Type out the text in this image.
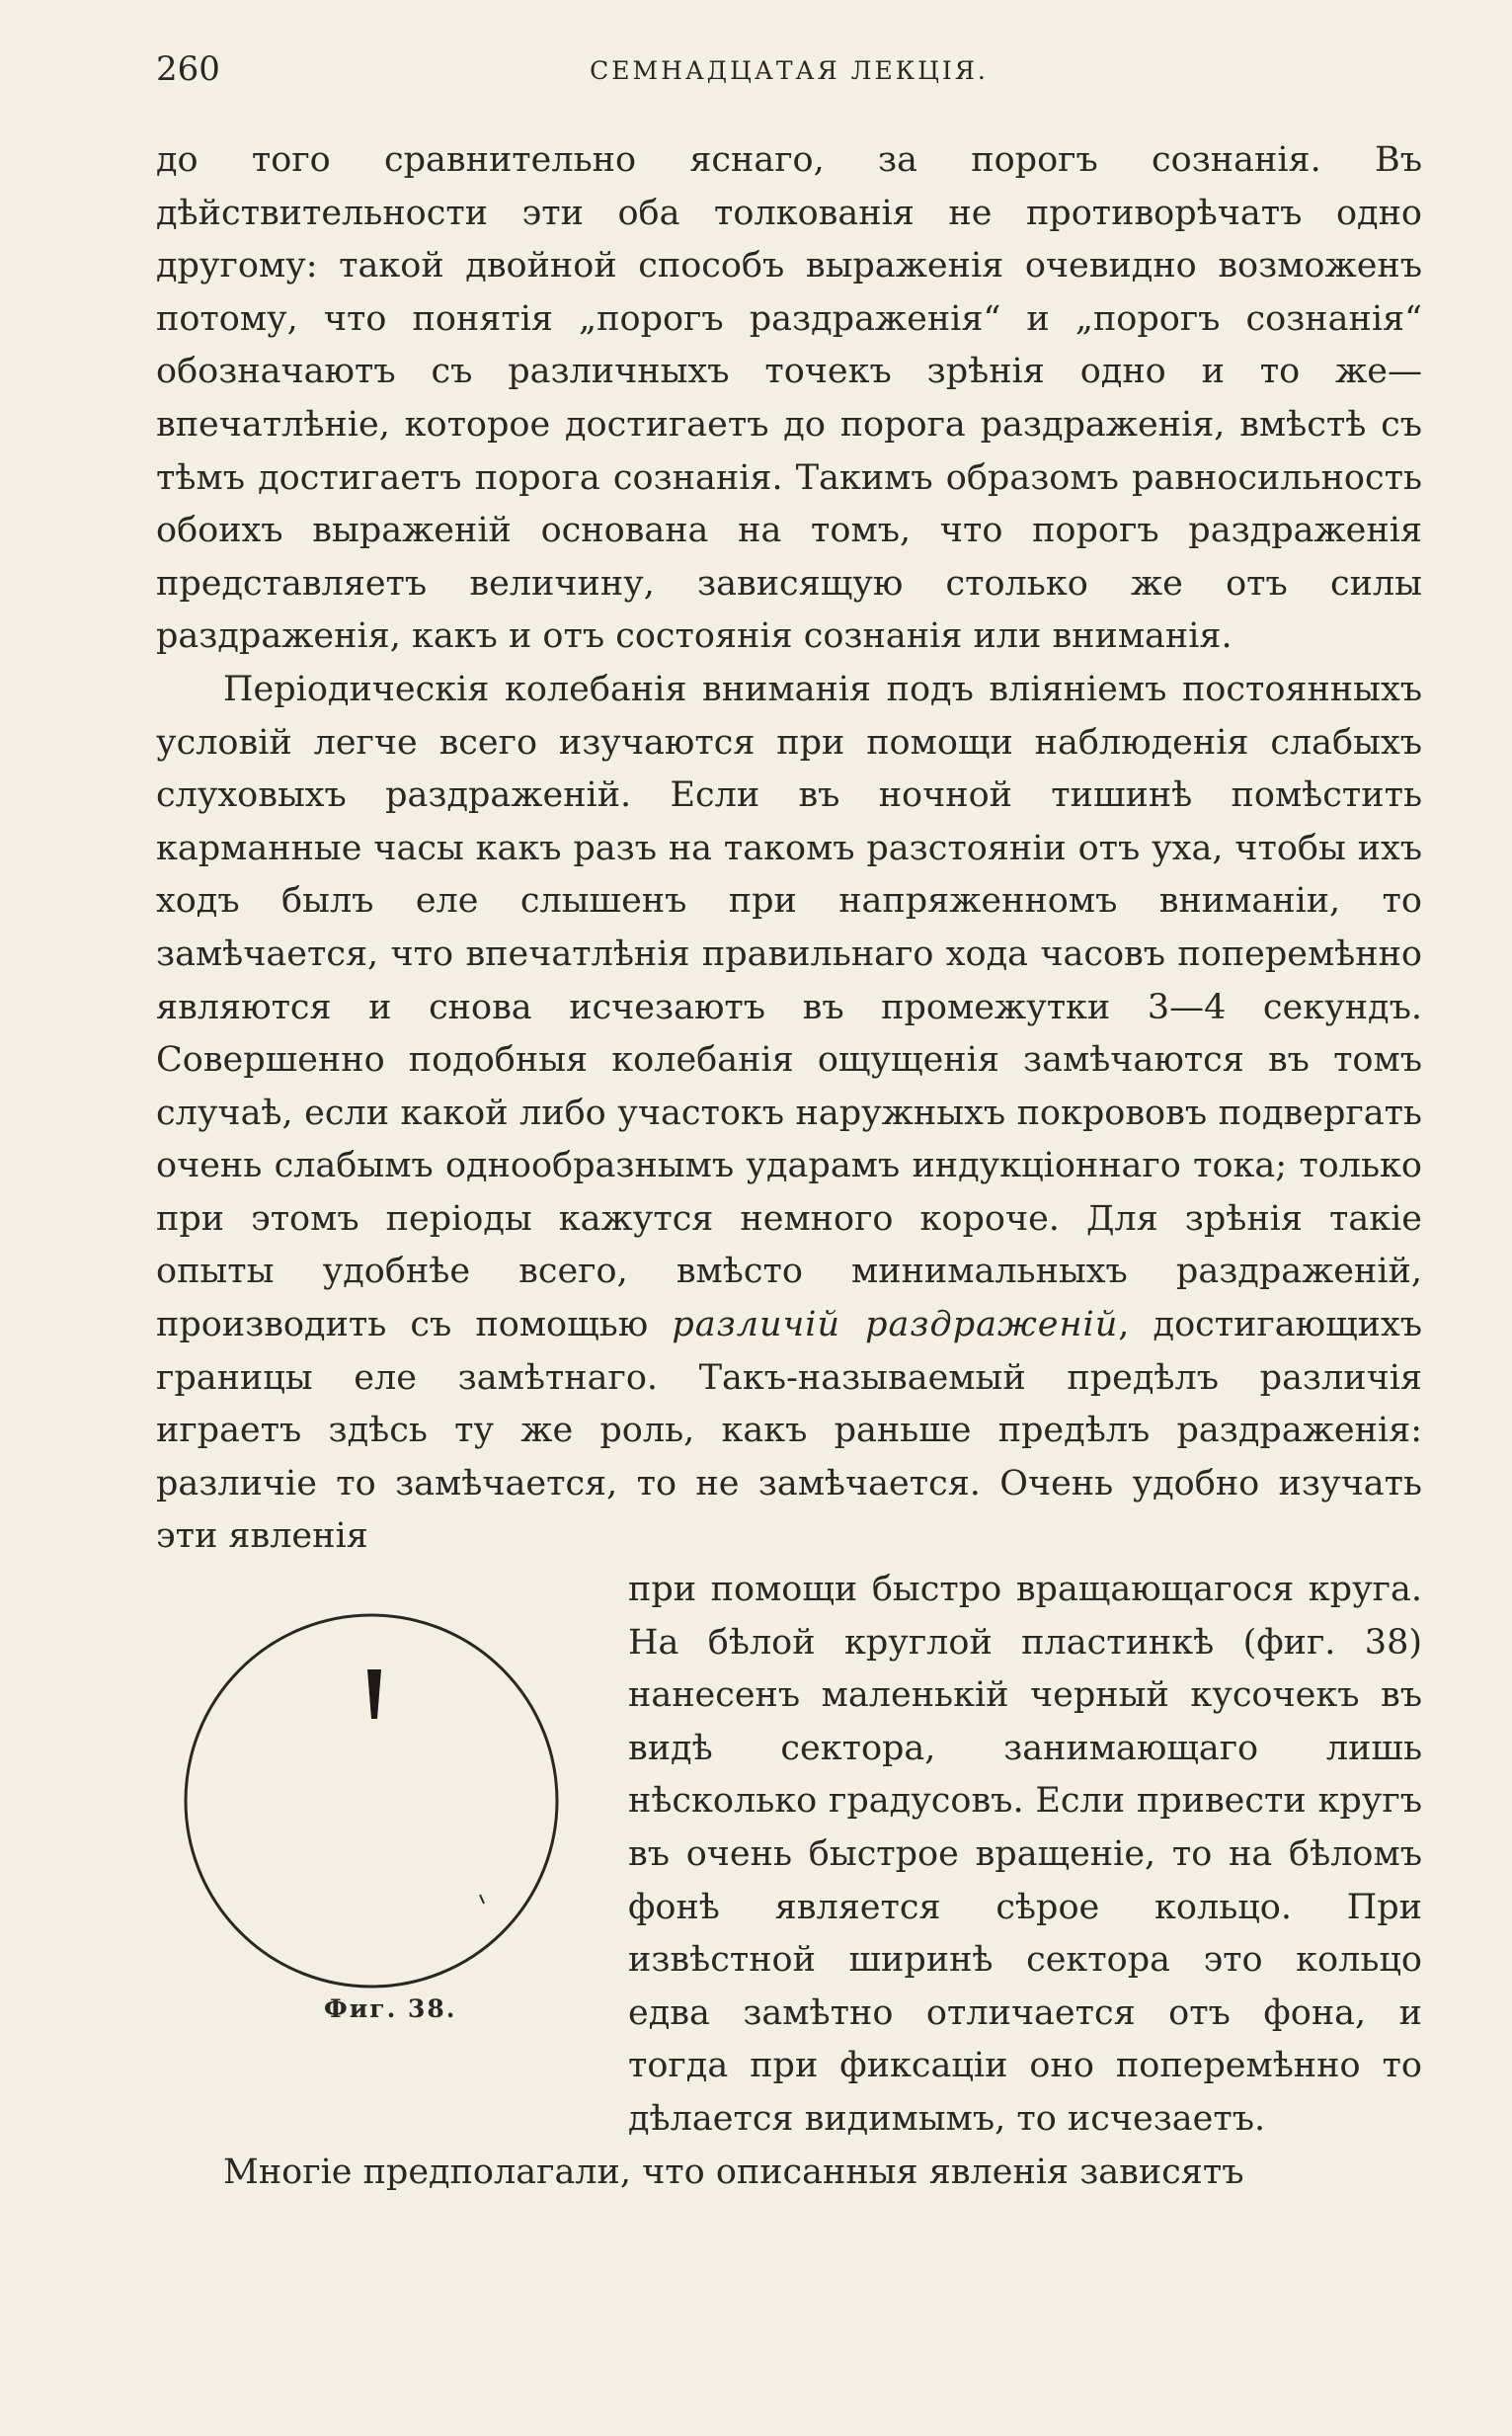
260	СЕМНАДЦАТАЯ ЛЕКЦІЯ.

до того сравнительно яснаго, за порогъ сознанія. Въ дѣйствительности эти оба толкованія не противорѣчатъ одно другому: такой двойной способъ выраженія очевидно возможенъ потому, что понятія „порогъ раздраженія“ и „порогъ сознанія“ обозначаютъ съ различныхъ точекъ зрѣнія одно и то же—впечатлѣніе, которое достигаетъ до порога раздраженія, вмѣстѣ съ тѣмъ достигаетъ порога сознанія. Такимъ образомъ равносильность обоихъ выраженій основана на томъ, что порогъ раздраженія представляетъ величину, зависящую столько же отъ силы раздраженія, какъ и отъ состоянія сознанія или вниманія.

Періодическія колебанія вниманія подъ вліяніемъ постоянныхъ условій легче всего изучаются при помощи наблюденія слабыхъ слуховыхъ раздраженій. Если въ ночной тишинѣ помѣстить карманные часы какъ разъ на такомъ разстояніи отъ уха, чтобы ихъ ходъ былъ еле слышенъ при напряженномъ вниманіи, то замѣчается, что впечатлѣнія правильнаго хода часовъ поперемѣнно являются и снова исчезаютъ въ промежутки 3—4 секундъ. Совершенно подобныя колебанія ощущенія замѣчаются въ томъ случаѣ, если какой либо участокъ наружныхъ покрововъ подвергать очень слабымъ однообразнымъ ударамъ индукціоннаго тока; только при этомъ періоды кажутся немного короче. Для зрѣнія такіе опыты удобнѣе всего, вмѣсто минимальныхъ раздраженій, производить съ помощью различій раздраженій, достигающихъ границы еле замѣтнаго. Такъ-называемый предѣлъ различія играетъ здѣсь ту же роль, какъ раньше предѣлъ раздраженія: различіе то замѣчается, то не замѣчается. Очень удобно изучать эти явленія

Фиг. 38.

при помощи быстро вращающагося круга. На бѣлой круглой пластинкѣ (фиг. 38) нанесенъ маленькій черный кусочекъ въ видѣ сектора, занимающаго лишь нѣсколько градусовъ. Если привести кругъ въ очень быстрое вращеніе, то на бѣломъ фонѣ является сѣрое кольцо. При извѣстной ширинѣ сектора это кольцо едва замѣтно отличается отъ фона, и тогда при фиксаціи оно поперемѣнно то дѣлается видимымъ, то исчезаетъ.

Многіе предполагали, что описанныя явленія зависятъ
